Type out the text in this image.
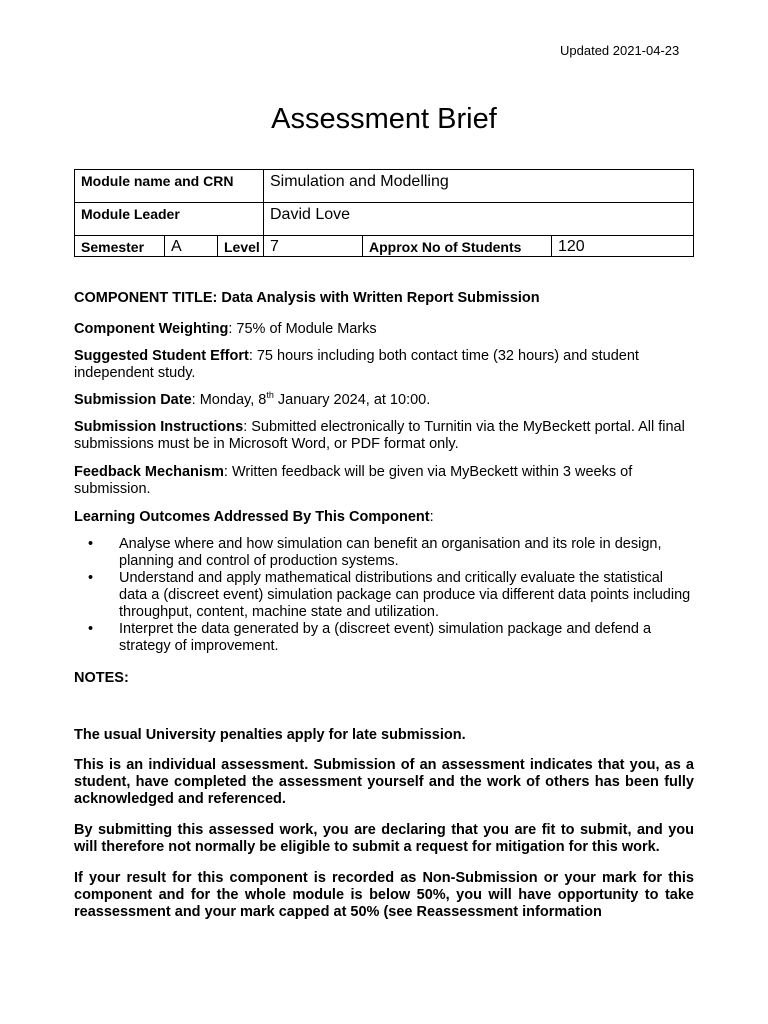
Updated 2021-04-23
Assessment Brief
Module name and CRN			Simulation and Modelling		
Module Leader			David Love		
Semester	A	Level	7	Approx No of Students	120

COMPONENT TITLE: Data Analysis with Written Report Submission

Component Weighting: 75% of Module Marks

Suggested Student Effort: 75 hours including both contact time (32 hours) and student independent study.

Submission Date: Monday, 8th January 2024, at 10:00.

Submission Instructions: Submitted electronically to Turnitin via the MyBeckett portal. All final submissions must be in Microsoft Word, or PDF format only.

Feedback Mechanism: Written feedback will be given via MyBeckett within 3 weeks of submission.

Learning Outcomes Addressed By This Component:

• Analyse where and how simulation can benefit an organisation and its role in design, planning and control of production systems.
• Understand and apply mathematical distributions and critically evaluate the statistical data a (discreet event) simulation package can produce via different data points including throughput, content, machine state and utilization.
• Interpret the data generated by a (discreet event) simulation package and defend a strategy of improvement.

NOTES:

The usual University penalties apply for late submission.

This is an individual assessment. Submission of an assessment indicates that you, as a student, have completed the assessment yourself and the work of others has been fully acknowledged and referenced.

By submitting this assessed work, you are declaring that you are fit to submit, and you will therefore not normally be eligible to submit a request for mitigation for this work.

If your result for this component is recorded as Non-Submission or your mark for this component and for the whole module is below 50%, you will have opportunity to take reassessment and your mark capped at 50% (see Reassessment information
